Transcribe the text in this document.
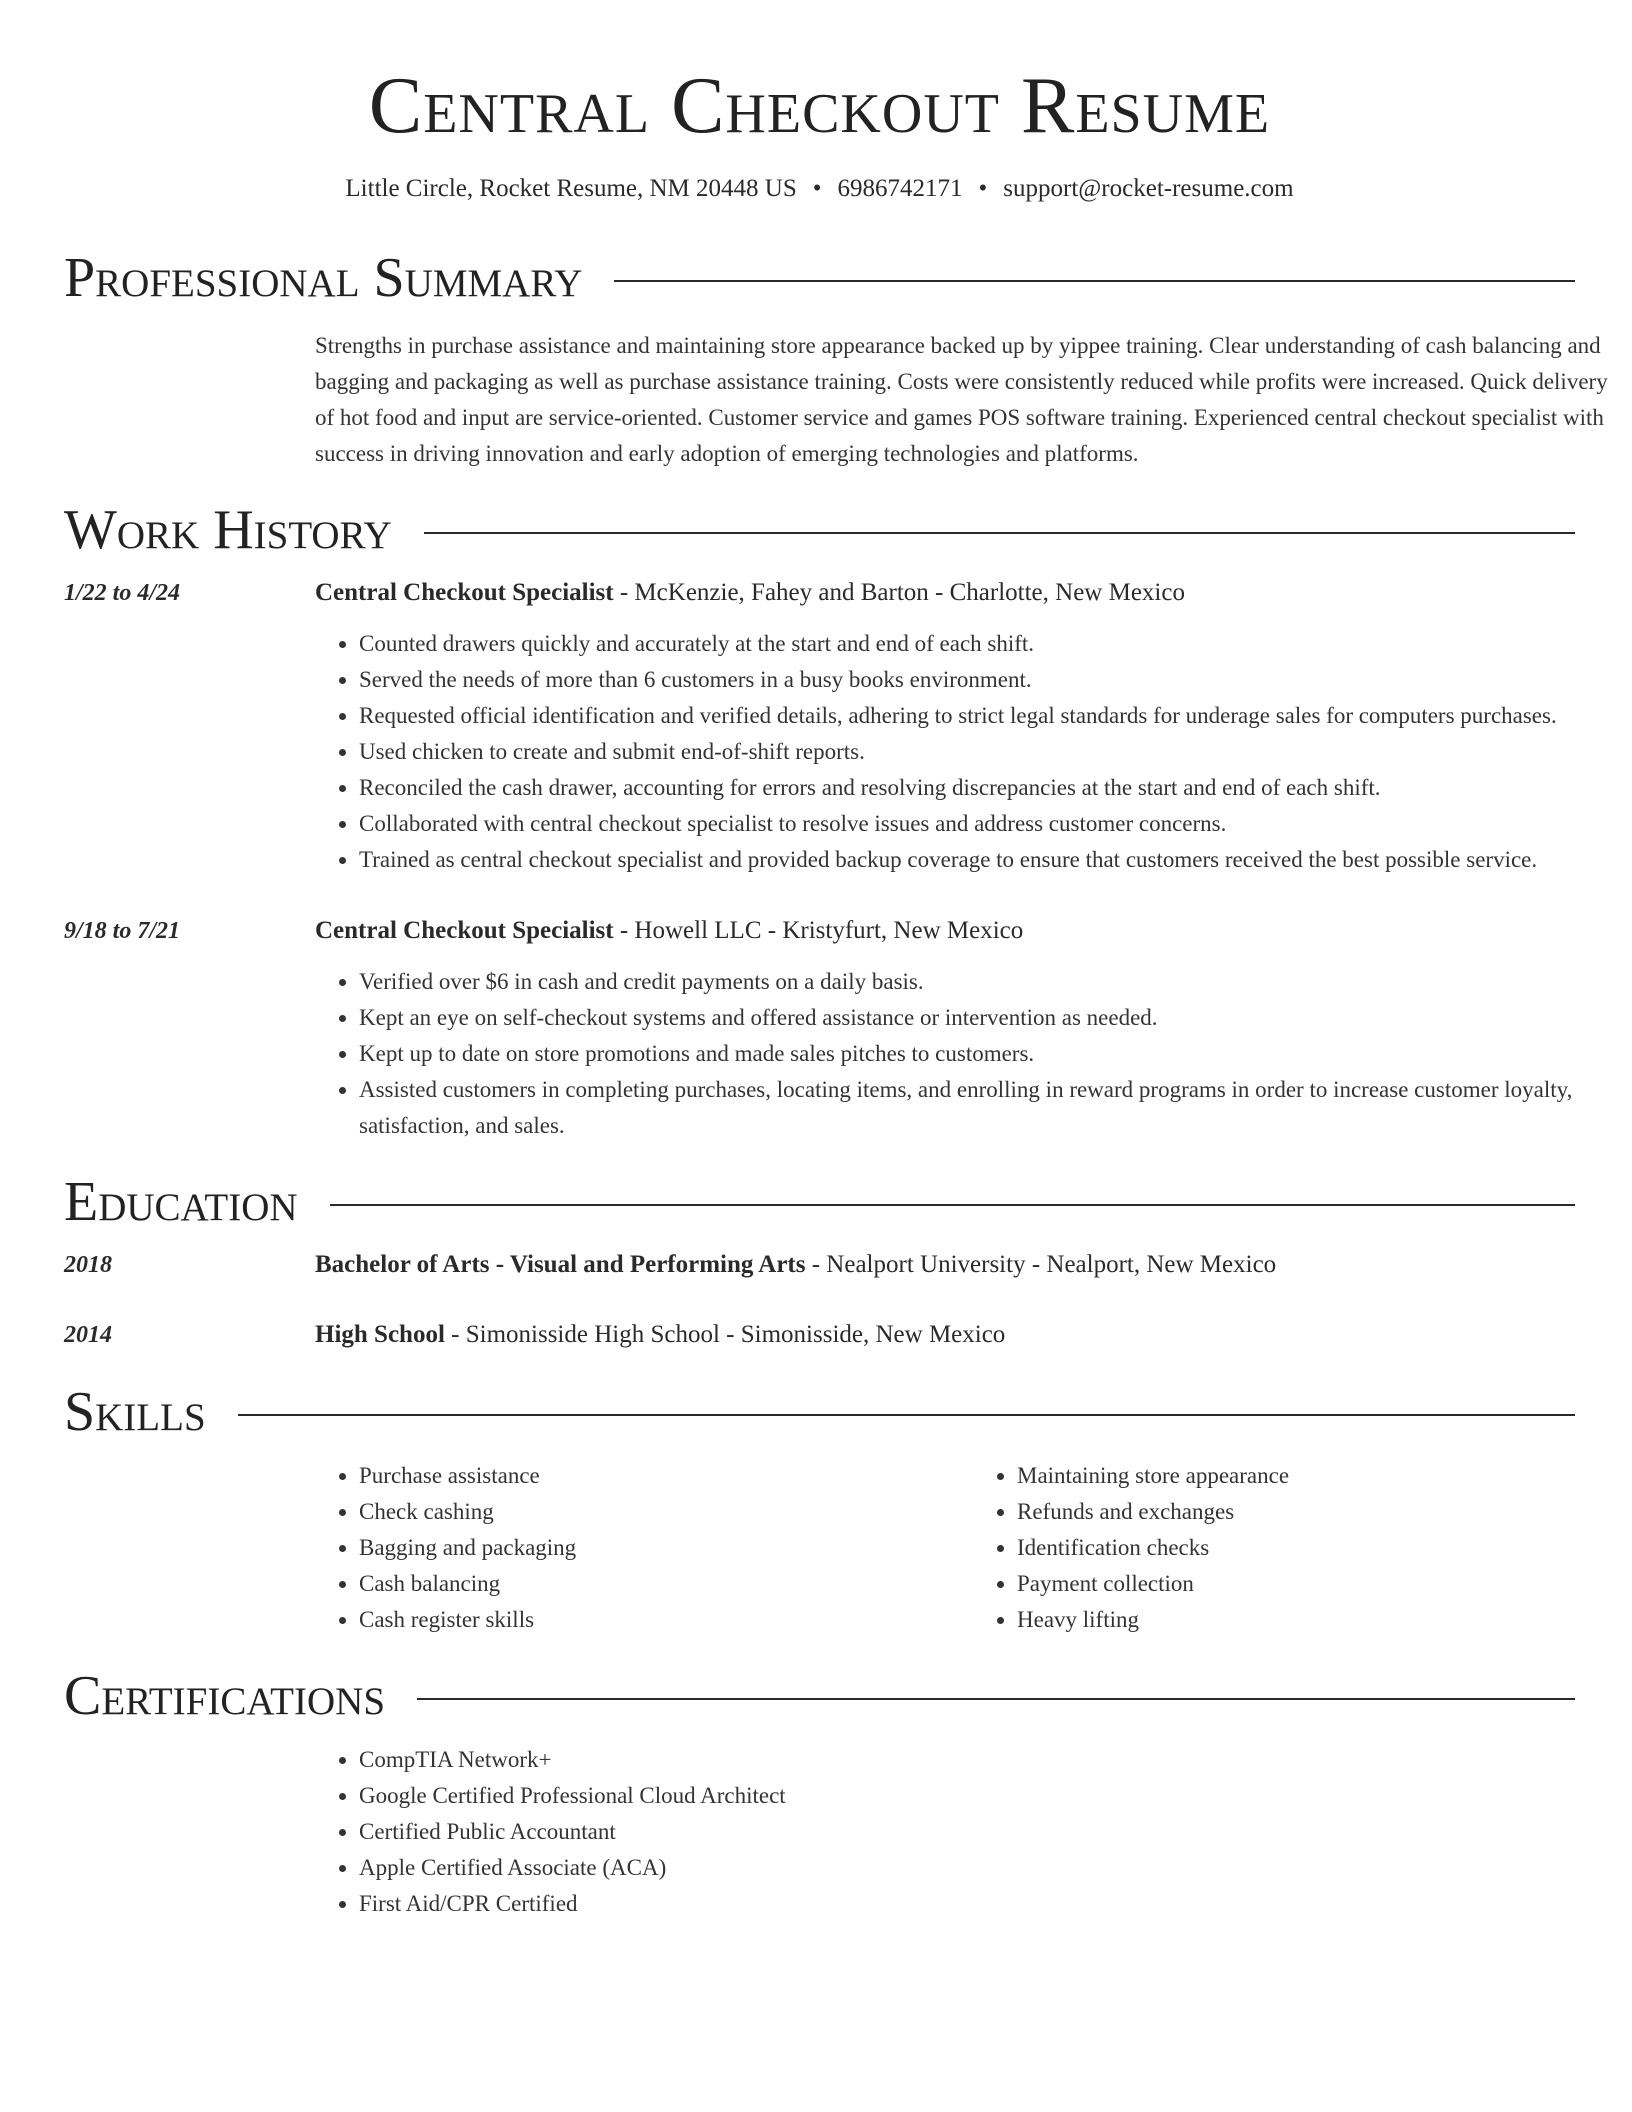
Central Checkout Resume
Little Circle, Rocket Resume, NM 20448 US • 6986742171 • support@rocket-resume.com
Professional Summary
Strengths in purchase assistance and maintaining store appearance backed up by yippee training. Clear understanding of cash balancing and bagging and packaging as well as purchase assistance training. Costs were consistently reduced while profits were increased. Quick delivery of hot food and input are service-oriented. Customer service and games POS software training. Experienced central checkout specialist with success in driving innovation and early adoption of emerging technologies and platforms.
Work History
1/22 to 4/24	Central Checkout Specialist - McKenzie, Fahey and Barton - Charlotte, New Mexico
• Counted drawers quickly and accurately at the start and end of each shift.
• Served the needs of more than 6 customers in a busy books environment.
• Requested official identification and verified details, adhering to strict legal standards for underage sales for computers purchases.
• Used chicken to create and submit end-of-shift reports.
• Reconciled the cash drawer, accounting for errors and resolving discrepancies at the start and end of each shift.
• Collaborated with central checkout specialist to resolve issues and address customer concerns.
• Trained as central checkout specialist and provided backup coverage to ensure that customers received the best possible service.
9/18 to 7/21	Central Checkout Specialist - Howell LLC - Kristyfurt, New Mexico
• Verified over $6 in cash and credit payments on a daily basis.
• Kept an eye on self-checkout systems and offered assistance or intervention as needed.
• Kept up to date on store promotions and made sales pitches to customers.
• Assisted customers in completing purchases, locating items, and enrolling in reward programs in order to increase customer loyalty, satisfaction, and sales.
Education
2018	Bachelor of Arts - Visual and Performing Arts - Nealport University - Nealport, New Mexico
2014	High School - Simonisside High School - Simonisside, New Mexico
Skills
• Purchase assistance
• Check cashing
• Bagging and packaging
• Cash balancing
• Cash register skills
• Maintaining store appearance
• Refunds and exchanges
• Identification checks
• Payment collection
• Heavy lifting
Certifications
• CompTIA Network+
• Google Certified Professional Cloud Architect
• Certified Public Accountant
• Apple Certified Associate (ACA)
• First Aid/CPR Certified
